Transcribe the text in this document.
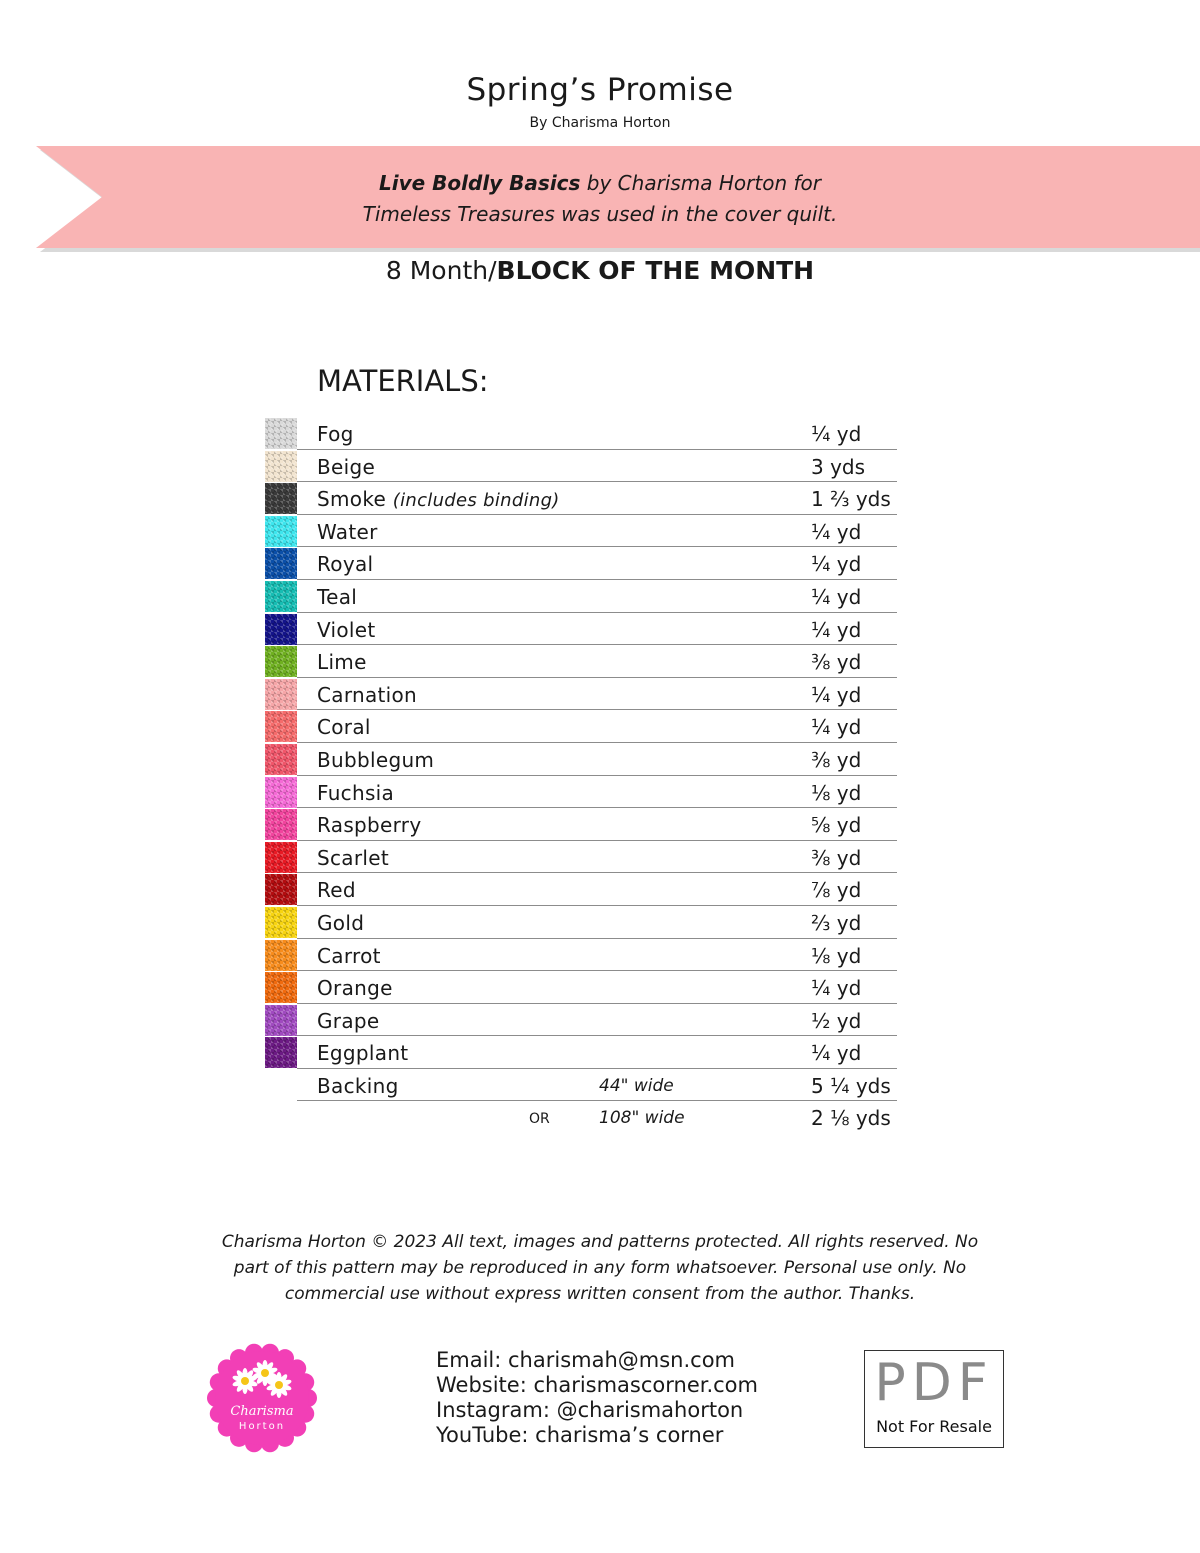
Spring’s Promise
By Charisma Horton
Live Boldly Basics by Charisma Horton for
Timeless Treasures was used in the cover quilt.
8 Month/BLOCK OF THE MONTH
MATERIALS:
Fog	¼ yd
Beige	3 yds
Smoke (includes binding)	1 ⅔ yds
Water	¼ yd
Royal	¼ yd
Teal	¼ yd
Violet	¼ yd
Lime	⅜ yd
Carnation	¼ yd
Coral	¼ yd
Bubblegum	⅜ yd
Fuchsia	⅛ yd
Raspberry	⅝ yd
Scarlet	⅜ yd
Red	⅞ yd
Gold	⅔ yd
Carrot	⅛ yd
Orange	¼ yd
Grape	½ yd
Eggplant	¼ yd
Backing	44" wide	5 ¼ yds
OR	108" wide	2 ⅛ yds
Charisma Horton © 2023 All text, images and patterns protected. All rights reserved. No
part of this pattern may be reproduced in any form whatsoever. Personal use only. No
commercial use without express written consent from the author. Thanks.
Charisma
Horton
Email: charismah@msn.com
Website: charismascorner.com
Instagram: @charismahorton
YouTube: charisma’s corner
PDF
Not For Resale
